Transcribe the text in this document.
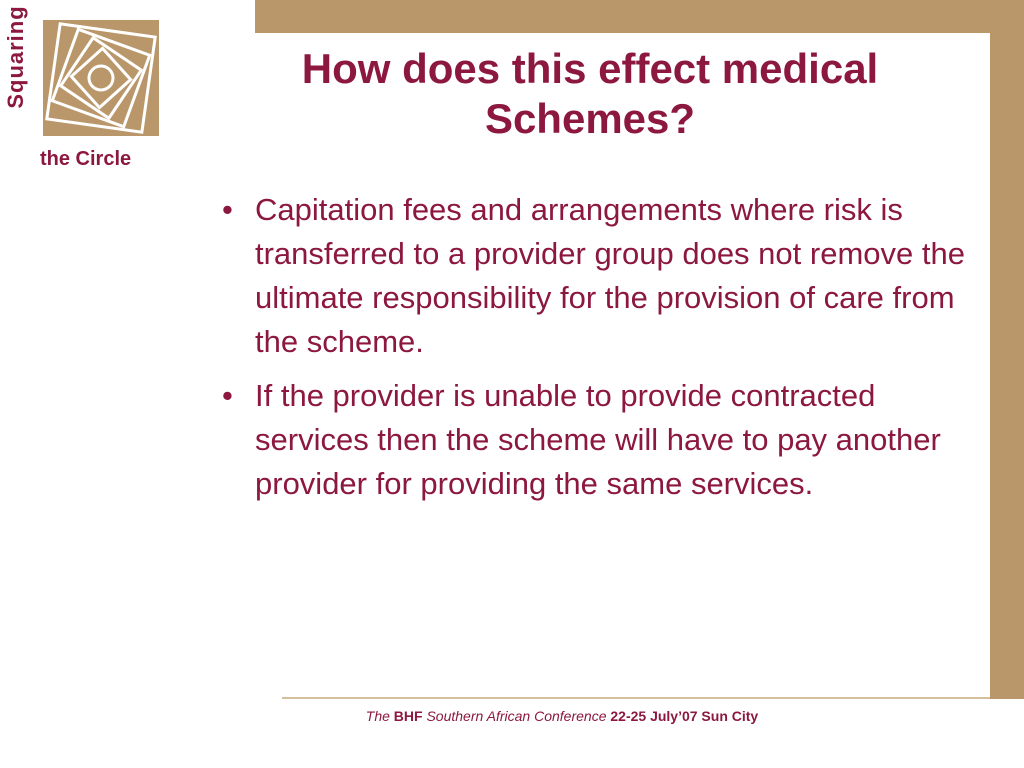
Squaring
the Circle
How does this effect medical Schemes?
• Capitation fees and arrangements where risk is transferred to a provider group does not remove the ultimate responsibility for the provision of care from the scheme.
• If the provider is unable to provide contracted services then the scheme will have to pay another provider for providing the same services.
The BHF Southern African Conference 22-25 July’07 Sun City
